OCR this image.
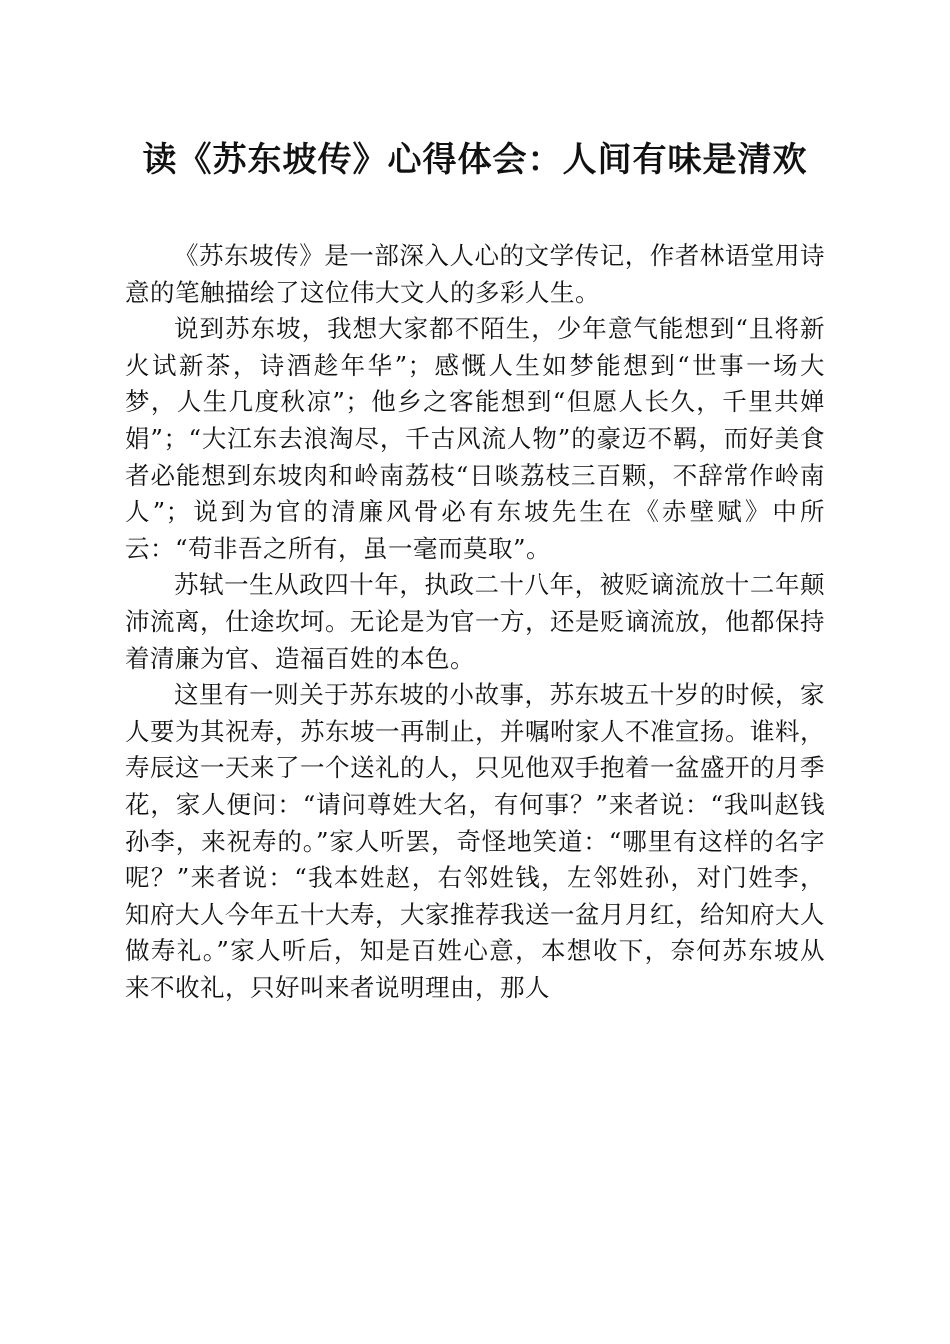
读《苏东坡传》心得体会：人间有味是清欢

《苏东坡传》是一部深入人心的文学传记，作者林语堂用诗意的笔触描绘了这位伟大文人的多彩人生。

说到苏东坡，我想大家都不陌生，少年意气能想到“且将新火试新茶，诗酒趁年华”；感慨人生如梦能想到“世事一场大梦，人生几度秋凉”；他乡之客能想到“但愿人长久，千里共婵娟”；“大江东去浪淘尽，千古风流人物”的豪迈不羁，而好美食者必能想到东坡肉和岭南荔枝“日啖荔枝三百颗，不辞常作岭南人”；说到为官的清廉风骨必有东坡先生在《赤壁赋》中所云：“苟非吾之所有，虽一毫而莫取”。

苏轼一生从政四十年，执政二十八年，被贬谪流放十二年颠沛流离，仕途坎坷。无论是为官一方，还是贬谪流放，他都保持着清廉为官、造福百姓的本色。

这里有一则关于苏东坡的小故事，苏东坡五十岁的时候，家人要为其祝寿，苏东坡一再制止，并嘱咐家人不准宣扬。谁料，寿辰这一天来了一个送礼的人，只见他双手抱着一盆盛开的月季花，家人便问：“请问尊姓大名，有何事？”来者说：“我叫赵钱孙李，来祝寿的。”家人听罢，奇怪地笑道：“哪里有这样的名字呢？”来者说：“我本姓赵，右邻姓钱，左邻姓孙，对门姓李，知府大人今年五十大寿，大家推荐我送一盆月月红，给知府大人做寿礼。”家人听后，知是百姓心意，本想收下，奈何苏东坡从来不收礼，只好叫来者说明理由，那人
